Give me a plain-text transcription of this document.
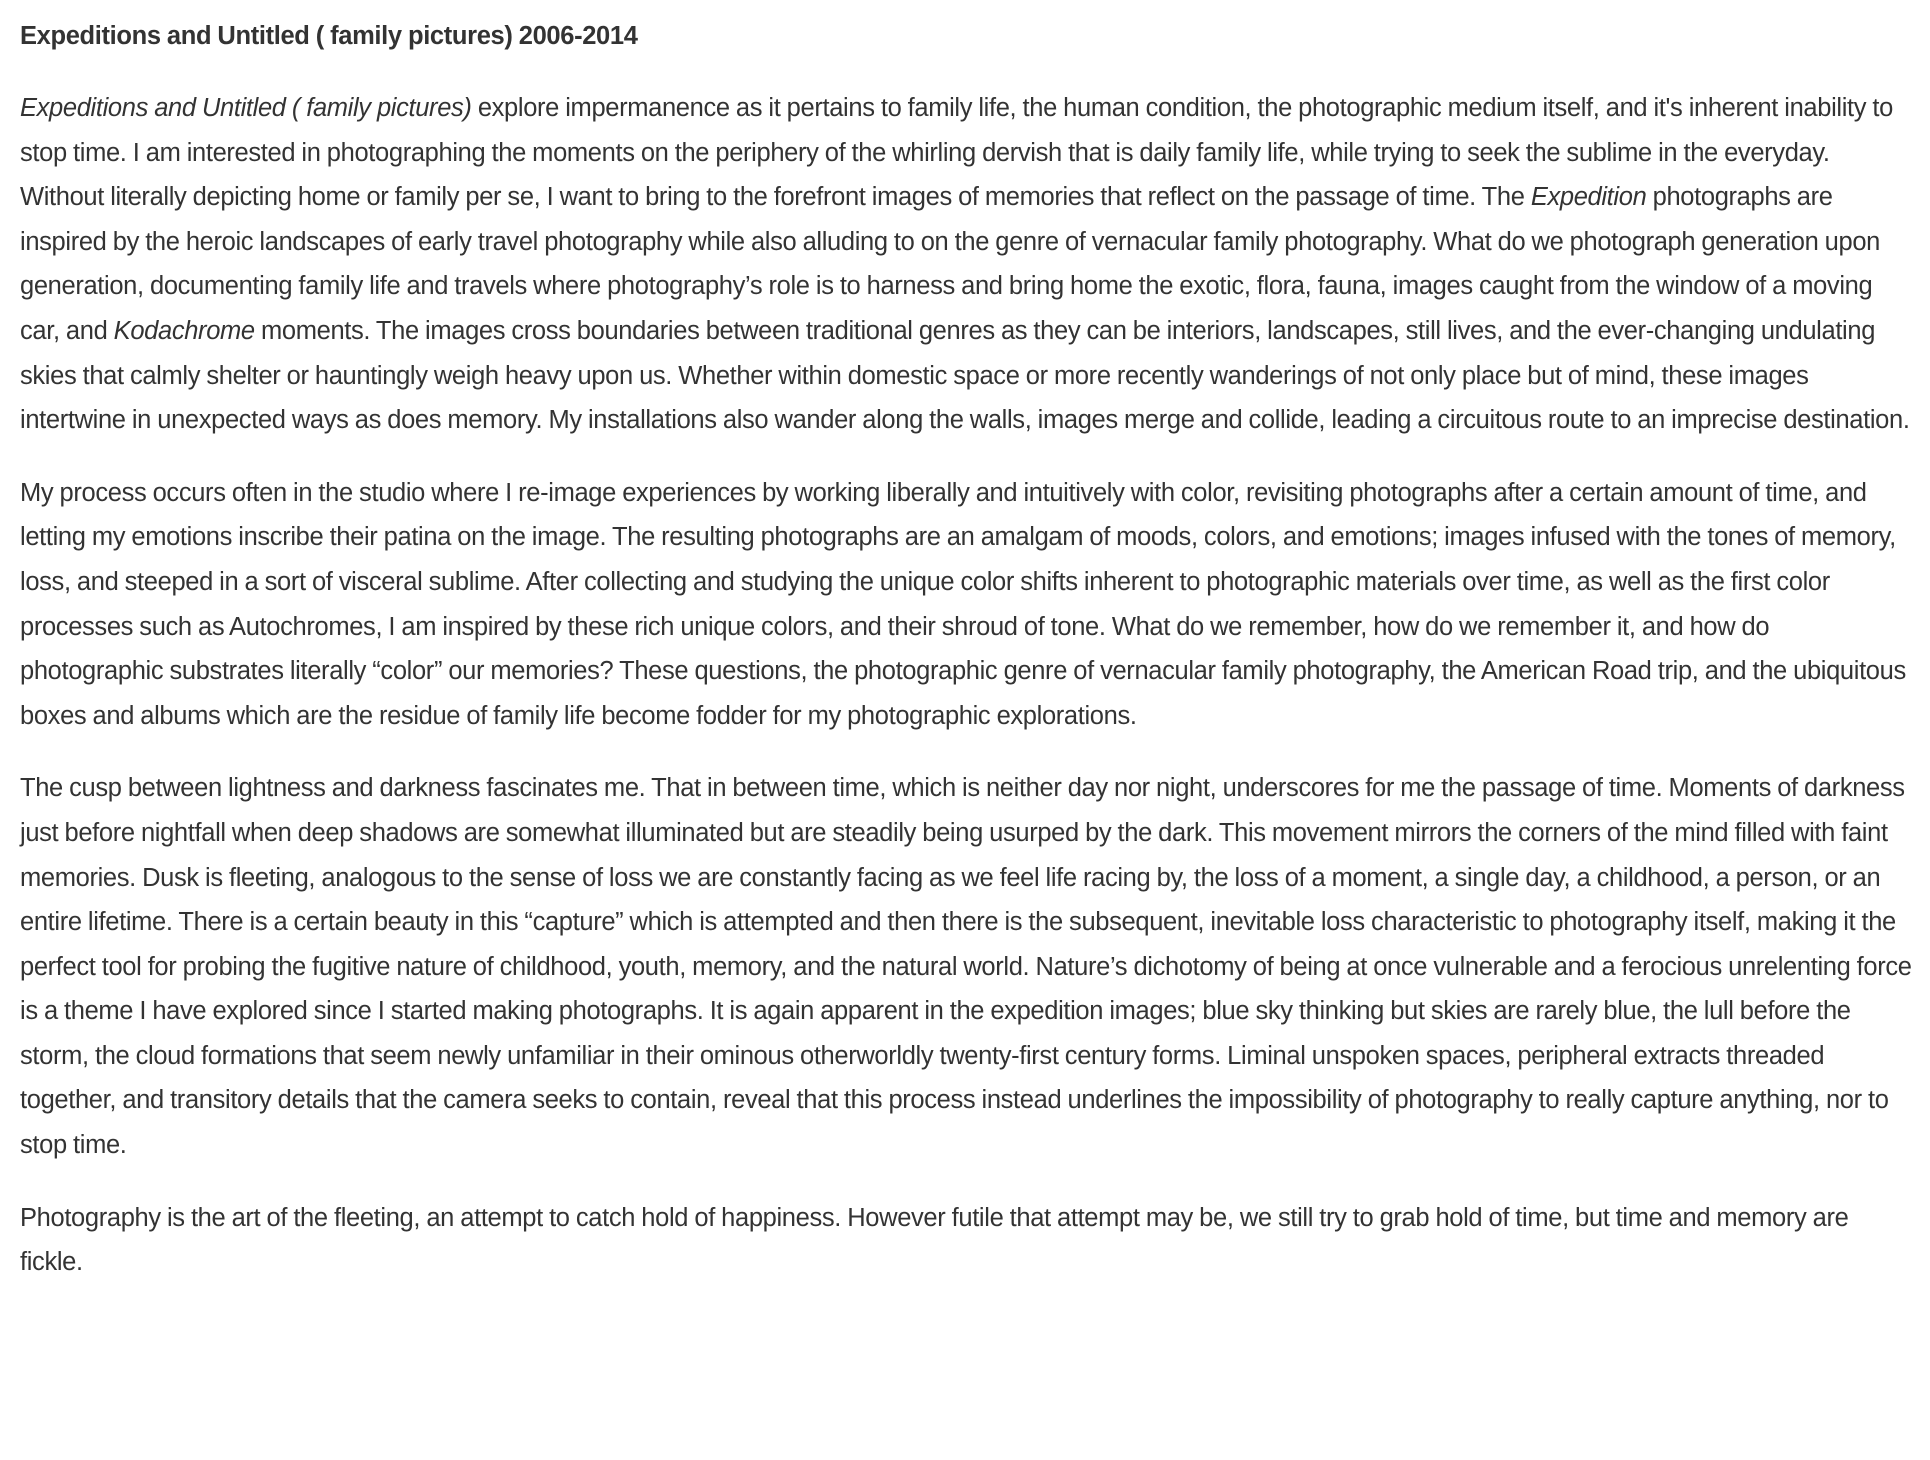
Expeditions and Untitled ( family pictures) 2006-2014

Expeditions and Untitled ( family pictures) explore impermanence as it pertains to family life, the human condition, the photographic medium itself, and it's inherent inability to stop time. I am interested in photographing the moments on the periphery of the whirling dervish that is daily family life, while trying to seek the sublime in the everyday. Without literally depicting home or family per se, I want to bring to the forefront images of memories that reflect on the passage of time. The Expedition photographs are inspired by the heroic landscapes of early travel photography while also alluding to on the genre of vernacular family photography. What do we photograph generation upon generation, documenting family life and travels where photography’s role is to harness and bring home the exotic, flora, fauna, images caught from the window of a moving car, and Kodachrome moments. The images cross boundaries between traditional genres as they can be interiors, landscapes, still lives, and the ever-changing undulating skies that calmly shelter or hauntingly weigh heavy upon us. Whether within domestic space or more recently wanderings of not only place but of mind, these images intertwine in unexpected ways as does memory. My installations also wander along the walls, images merge and collide, leading a circuitous route to an imprecise destination.

My process occurs often in the studio where I re-image experiences by working liberally and intuitively with color, revisiting photographs after a certain amount of time, and letting my emotions inscribe their patina on the image. The resulting photographs are an amalgam of moods, colors, and emotions; images infused with the tones of memory, loss, and steeped in a sort of visceral sublime. After collecting and studying the unique color shifts inherent to photographic materials over time, as well as the first color processes such as Autochromes, I am inspired by these rich unique colors, and their shroud of tone. What do we remember, how do we remember it, and how do photographic substrates literally “color” our memories? These questions, the photographic genre of vernacular family photography, the American Road trip, and the ubiquitous boxes and albums which are the residue of family life become fodder for my photographic explorations.

The cusp between lightness and darkness fascinates me. That in between time, which is neither day nor night, underscores for me the passage of time. Moments of darkness just before nightfall when deep shadows are somewhat illuminated but are steadily being usurped by the dark. This movement mirrors the corners of the mind filled with faint memories. Dusk is fleeting, analogous to the sense of loss we are constantly facing as we feel life racing by, the loss of a moment, a single day, a childhood, a person, or an entire lifetime. There is a certain beauty in this “capture” which is attempted and then there is the subsequent, inevitable loss characteristic to photography itself, making it the perfect tool for probing the fugitive nature of childhood, youth, memory, and the natural world. Nature’s dichotomy of being at once vulnerable and a ferocious unrelenting force is a theme I have explored since I started making photographs. It is again apparent in the expedition images; blue sky thinking but skies are rarely blue, the lull before the storm, the cloud formations that seem newly unfamiliar in their ominous otherworldly twenty-first century forms. Liminal unspoken spaces, peripheral extracts threaded together, and transitory details that the camera seeks to contain, reveal that this process instead underlines the impossibility of photography to really capture anything, nor to stop time.

Photography is the art of the fleeting, an attempt to catch hold of happiness. However futile that attempt may be, we still try to grab hold of time, but time and memory are fickle.
